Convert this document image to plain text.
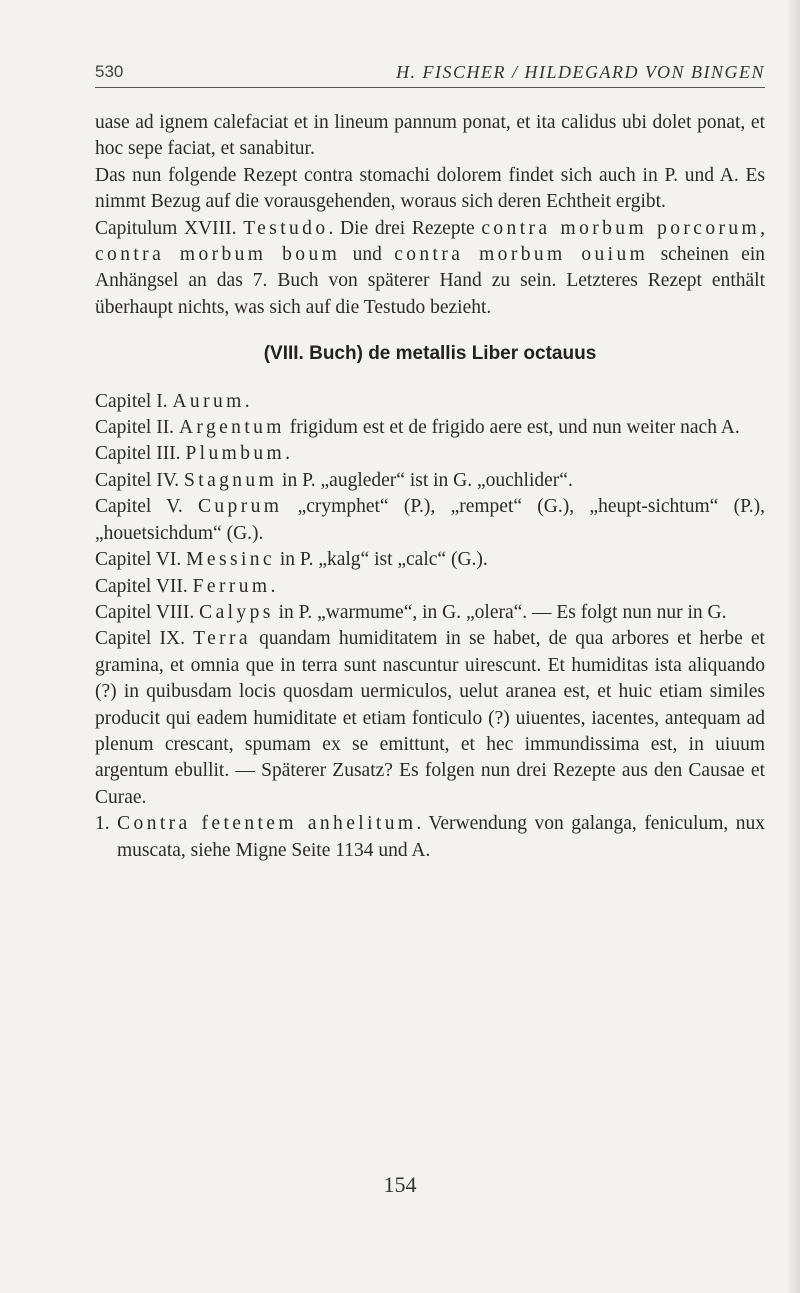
530	H. FISCHER / HILDEGARD VON BINGEN

uase ad ignem calefaciat et in lineum pannum ponat, et ita calidus ubi dolet ponat, et hoc sepe faciat, et sanabitur.

Das nun folgende Rezept contra stomachi dolorem findet sich auch in P. und A. Es nimmt Bezug auf die vorausgehenden, woraus sich deren Echtheit ergibt.

Capitulum XVIII. Testudo. Die drei Rezepte contra morbum porcorum, contra morbum boum und contra morbum ouium scheinen ein Anhängsel an das 7. Buch von späterer Hand zu sein. Letzteres Rezept enthält überhaupt nichts, was sich auf die Testudo bezieht.

(VIII. Buch) de metallis Liber octauus

Capitel I. Aurum.

Capitel II. Argentum frigidum est et de frigido aere est, und nun weiter nach A.

Capitel III. Plumbum.

Capitel IV. Stagnum in P. „augleder“ ist in G. „ouchlider“.

Capitel V. Cuprum „crymphet“ (P.), „rempet“ (G.), „heupt-sichtum“ (P.), „houetsichdum“ (G.).

Capitel VI. Messinc in P. „kalg“ ist „calc“ (G.).

Capitel VII. Ferrum.

Capitel VIII. Calyps in P. „warmume“, in G. „olera“. — Es folgt nun nur in G.

Capitel IX. Terra quandam humiditatem in se habet, de qua arbores et herbe et gramina, et omnia que in terra sunt nascuntur uirescunt. Et humiditas ista aliquando (?) in quibusdam locis quosdam uermiculos, uelut aranea est, et huic etiam similes producit qui eadem humiditate et etiam fonticulo (?) uiuentes, iacentes, antequam ad plenum crescant, spumam ex se emittunt, et hec immundissima est, in uiuum argentum ebullit. — Späterer Zusatz? Es folgen nun drei Rezepte aus den Causae et Curae.

1. Contra fetentem anhelitum. Verwendung von galanga, feniculum, nux muscata, siehe Migne Seite 1134 und A.

154
